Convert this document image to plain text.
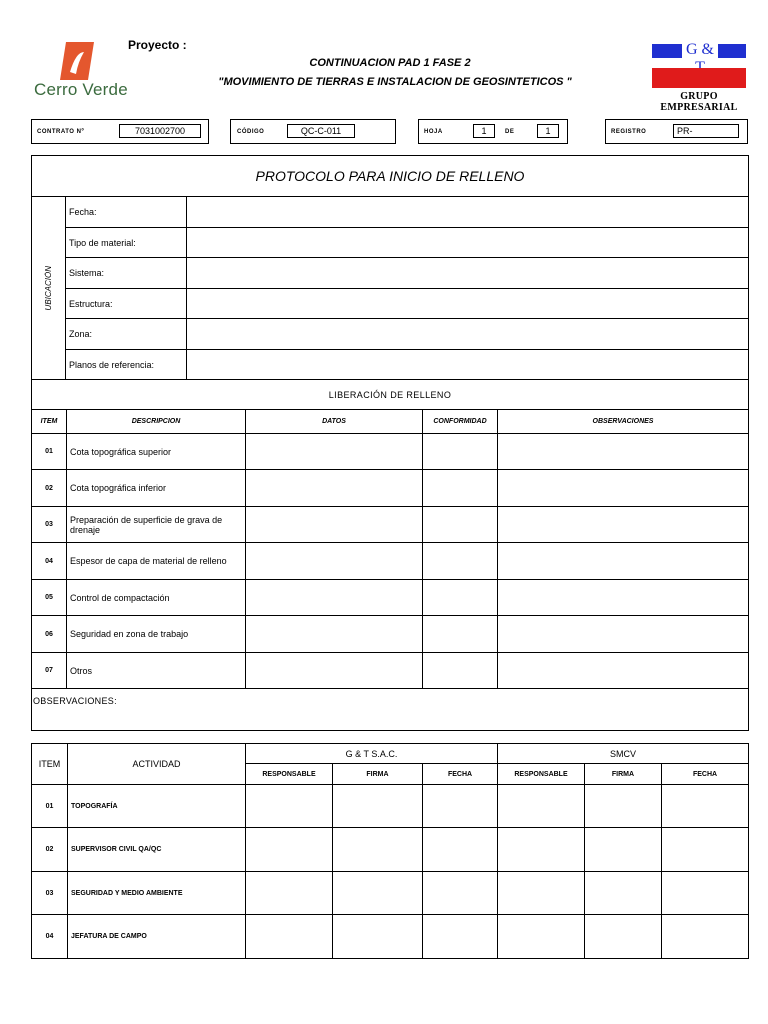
Cerro Verde
Proyecto :
CONTINUACION PAD 1 FASE 2
"MOVIMIENTO DE TIERRAS E INSTALACION DE GEOSINTETICOS "
G &
GRUPO EMPRESARIAL
CONTRATO Nº	7031002700	CÓDIGO	QC-C-011	HOJA	1	DE	1	REGISTRO	PR-
PROTOCOLO PARA INICIO DE RELLENO		

UBICACIÓN	Fecha:	
	Tipo de material:	
	Sistema:	
	Estructura:	
	Zona:	
	Planos de referencia:	
LIBERACIÓN DE RELLENO		
ITEM	DESCRIPCION	DATOS	CONFORMIDAD	OBSERVACIONES
01	Cota topográfica superior			
02	Cota topográfica inferior			
03	Preparación de superficie de grava de drenaje			
04	Espesor de capa de material de relleno			
05	Control de compactación			
06	Seguridad en zona de trabajo			
07	Otros			
OBSERVACIONES:				
ITEM	ACTIVIDAD	G & T S.A.C.			SMCV		
		RESPONSABLE	FIRMA	FECHA	RESPONSABLE	FIRMA	FECHA
01	TOPOGRAFÍA						
02	SUPERVISOR CIVIL QA/QC						
03	SEGURIDAD Y MEDIO AMBIENTE						
04	JEFATURA DE CAMPO						
